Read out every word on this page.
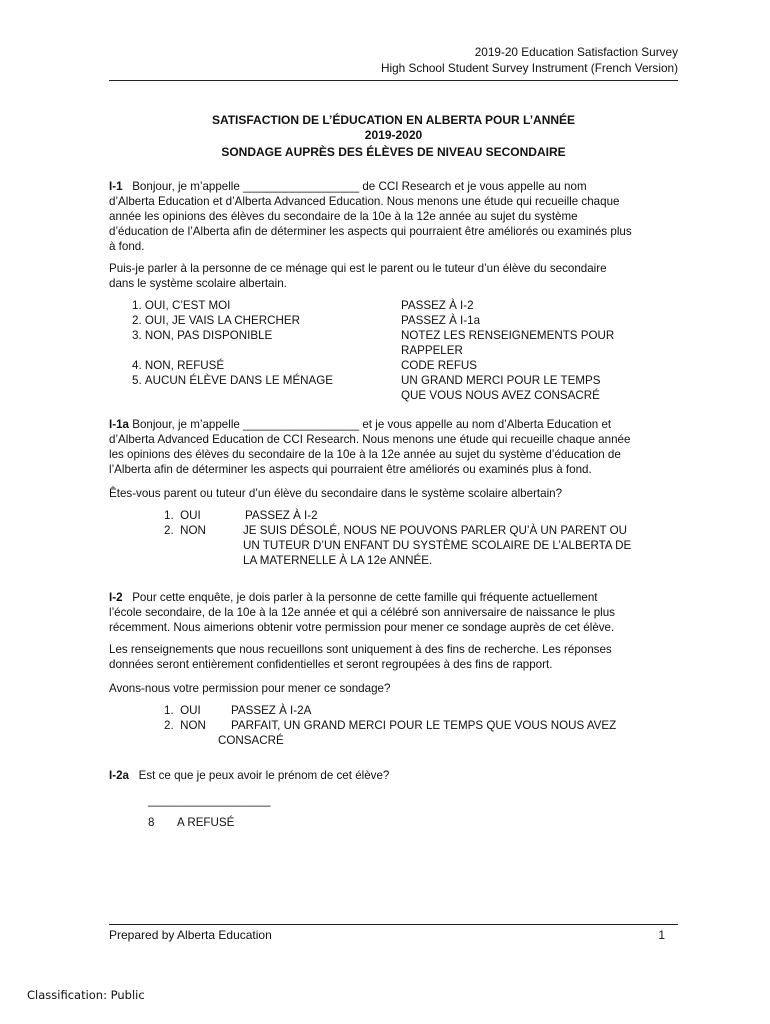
2019-20 Education Satisfaction Survey
High School Student Survey Instrument (French Version)
SATISFACTION DE L’ÉDUCATION EN ALBERTA POUR L’ANNÉE
2019-2020
SONDAGE AUPRÈS DES ÉLÈVES DE NIVEAU SECONDAIRE
I-1 Bonjour, je m’appelle __________________ de CCI Research et je vous appelle au nom
d’Alberta Education et d’Alberta Advanced Education. Nous menons une étude qui recueille chaque
année les opinions des élèves du secondaire de la 10e à la 12e année au sujet du système
d’éducation de l’Alberta afin de déterminer les aspects qui pourraient être améliorés ou examinés plus
à fond.
Puis-je parler à la personne de ce ménage qui est le parent ou le tuteur d’un élève du secondaire
dans le système scolaire albertain.
1. OUI, C’EST MOI	PASSEZ À I-2
2. OUI, JE VAIS LA CHERCHER	PASSEZ À I-1a
3. NON, PAS DISPONIBLE	NOTEZ LES RENSEIGNEMENTS POUR
RAPPELER
4. NON, REFUSÉ	CODE REFUS
5. AUCUN ÉLÈVE DANS LE MÉNAGE	UN GRAND MERCI POUR LE TEMPS
QUE VOUS NOUS AVEZ CONSACRÉ
I-1a Bonjour, je m’appelle __________________ et je vous appelle au nom d’Alberta Education et
d’Alberta Advanced Education de CCI Research. Nous menons une étude qui recueille chaque année
les opinions des élèves du secondaire de la 10e à la 12e année au sujet du système d’éducation de
l’Alberta afin de déterminer les aspects qui pourraient être améliorés ou examinés plus à fond.
Êtes-vous parent ou tuteur d’un élève du secondaire dans le système scolaire albertain?
1. OUI	PASSEZ À I-2
2. NON	JE SUIS DÉSOLÉ, NOUS NE POUVONS PARLER QU’À UN PARENT OU
UN TUTEUR D’UN ENFANT DU SYSTÈME SCOLAIRE DE L’ALBERTA DE
LA MATERNELLE À LA 12e ANNÉE.
I-2 Pour cette enquête, je dois parler à la personne de cette famille qui fréquente actuellement
l’école secondaire, de la 10e à la 12e année et qui a célébré son anniversaire de naissance le plus
récemment. Nous aimerions obtenir votre permission pour mener ce sondage auprès de cet élève.
Les renseignements que nous recueillons sont uniquement à des fins de recherche. Les réponses
données seront entièrement confidentielles et seront regroupées à des fins de rapport.
Avons-nous votre permission pour mener ce sondage?
1. OUI	PASSEZ À I-2A
2. NON PARFAIT, UN GRAND MERCI POUR LE TEMPS QUE VOUS NOUS AVEZ
CONSACRÉ
I-2a Est ce que je peux avoir le prénom de cet élève?
___________________
8 A REFUSÉ
Prepared by Alberta Education	1
Classification: Public
